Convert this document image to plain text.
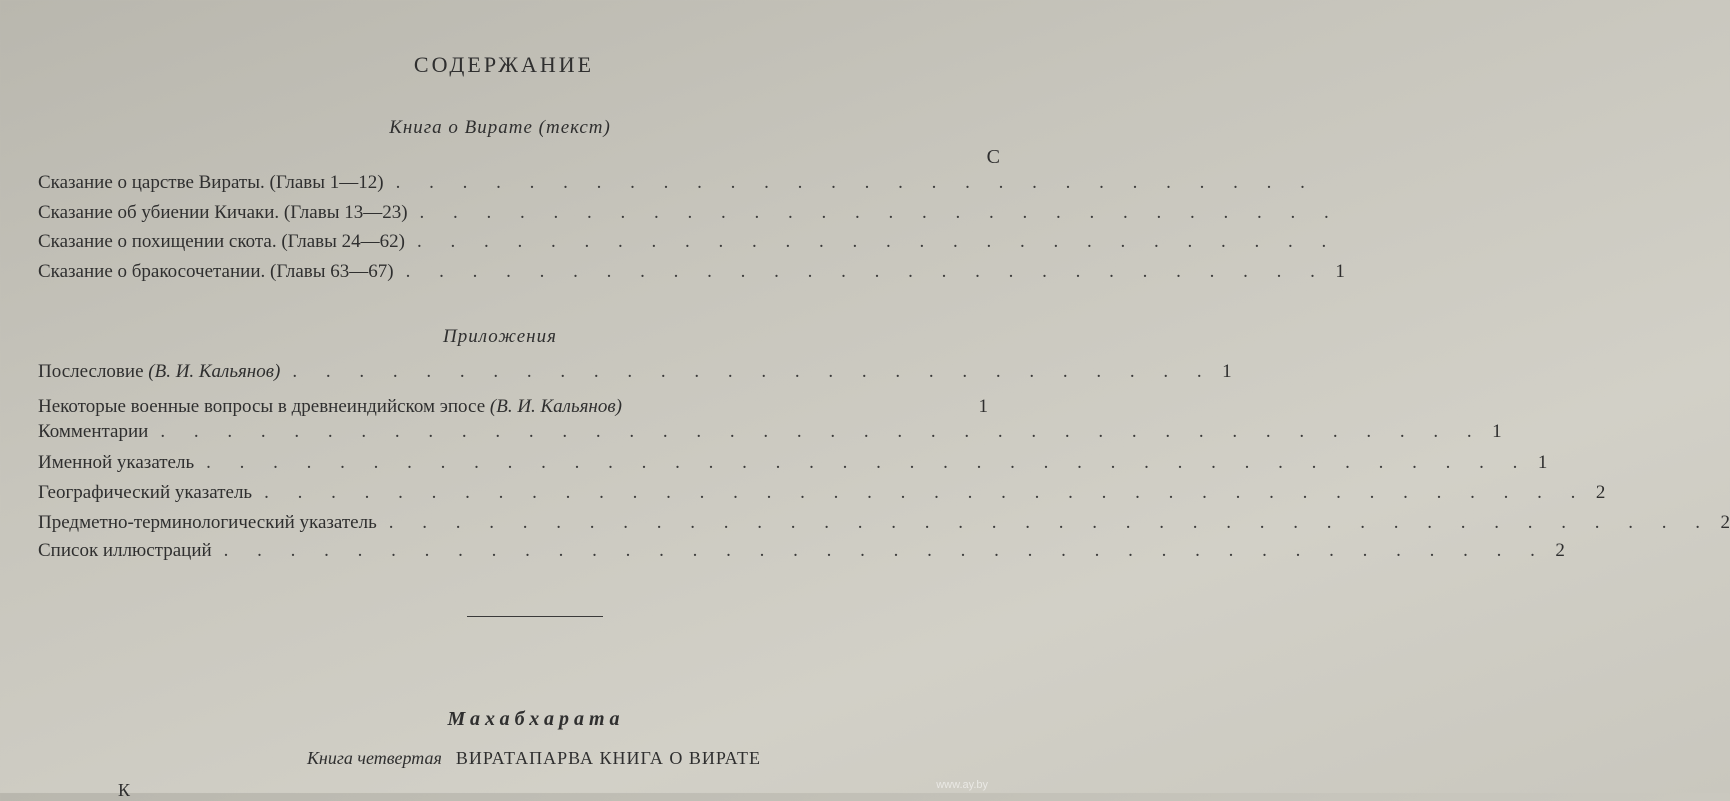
СОДЕРЖАНИЕ
Книга о Вирате (текст)
С
Сказание о царстве Вираты. (Главы 1—12) . . . . . . . . . . . . . . . . . . . . . . . . . . . .
Сказание об убиении Кичаки. (Главы 13—23) . . . . . . . . . . . . . . . . . . . . . . . . . . . .
Сказание о похищении скота. (Главы 24—62) . . . . . . . . . . . . . . . . . . . . . . . . . . . .
Сказание о бракосочетании. (Главы 63—67) . . . . . . . . . . . . . . . . . . . . . . . . . . . . 1
Приложения
Послесловие (В. И. Кальянов) . . . . . . . . . . . . . . . . . . . . . . . . . . . . 1
Некоторые военные вопросы в древнеиндийском эпосе (В. И. Кальянов)	1
Комментарии . . . . . . . . . . . . . . . . . . . . . . . . . . . . . . . . . . . . . . . . 1
Именной указатель . . . . . . . . . . . . . . . . . . . . . . . . . . . . . . . . . . . . . . . . 1
Географический указатель . . . . . . . . . . . . . . . . . . . . . . . . . . . . . . . . . . . . . . . . 2
Предметно-терминологический указатель . . . . . . . . . . . . . . . . . . . . . . . . . . . . . . . . . . . . . . . . 2
Список иллюстраций . . . . . . . . . . . . . . . . . . . . . . . . . . . . . . . . . . . . . . . . 2
Махабхарата
Книга четвертая ВИРАТАПАРВА КНИГА О ВИРАТЕ
К	www.ay.by
